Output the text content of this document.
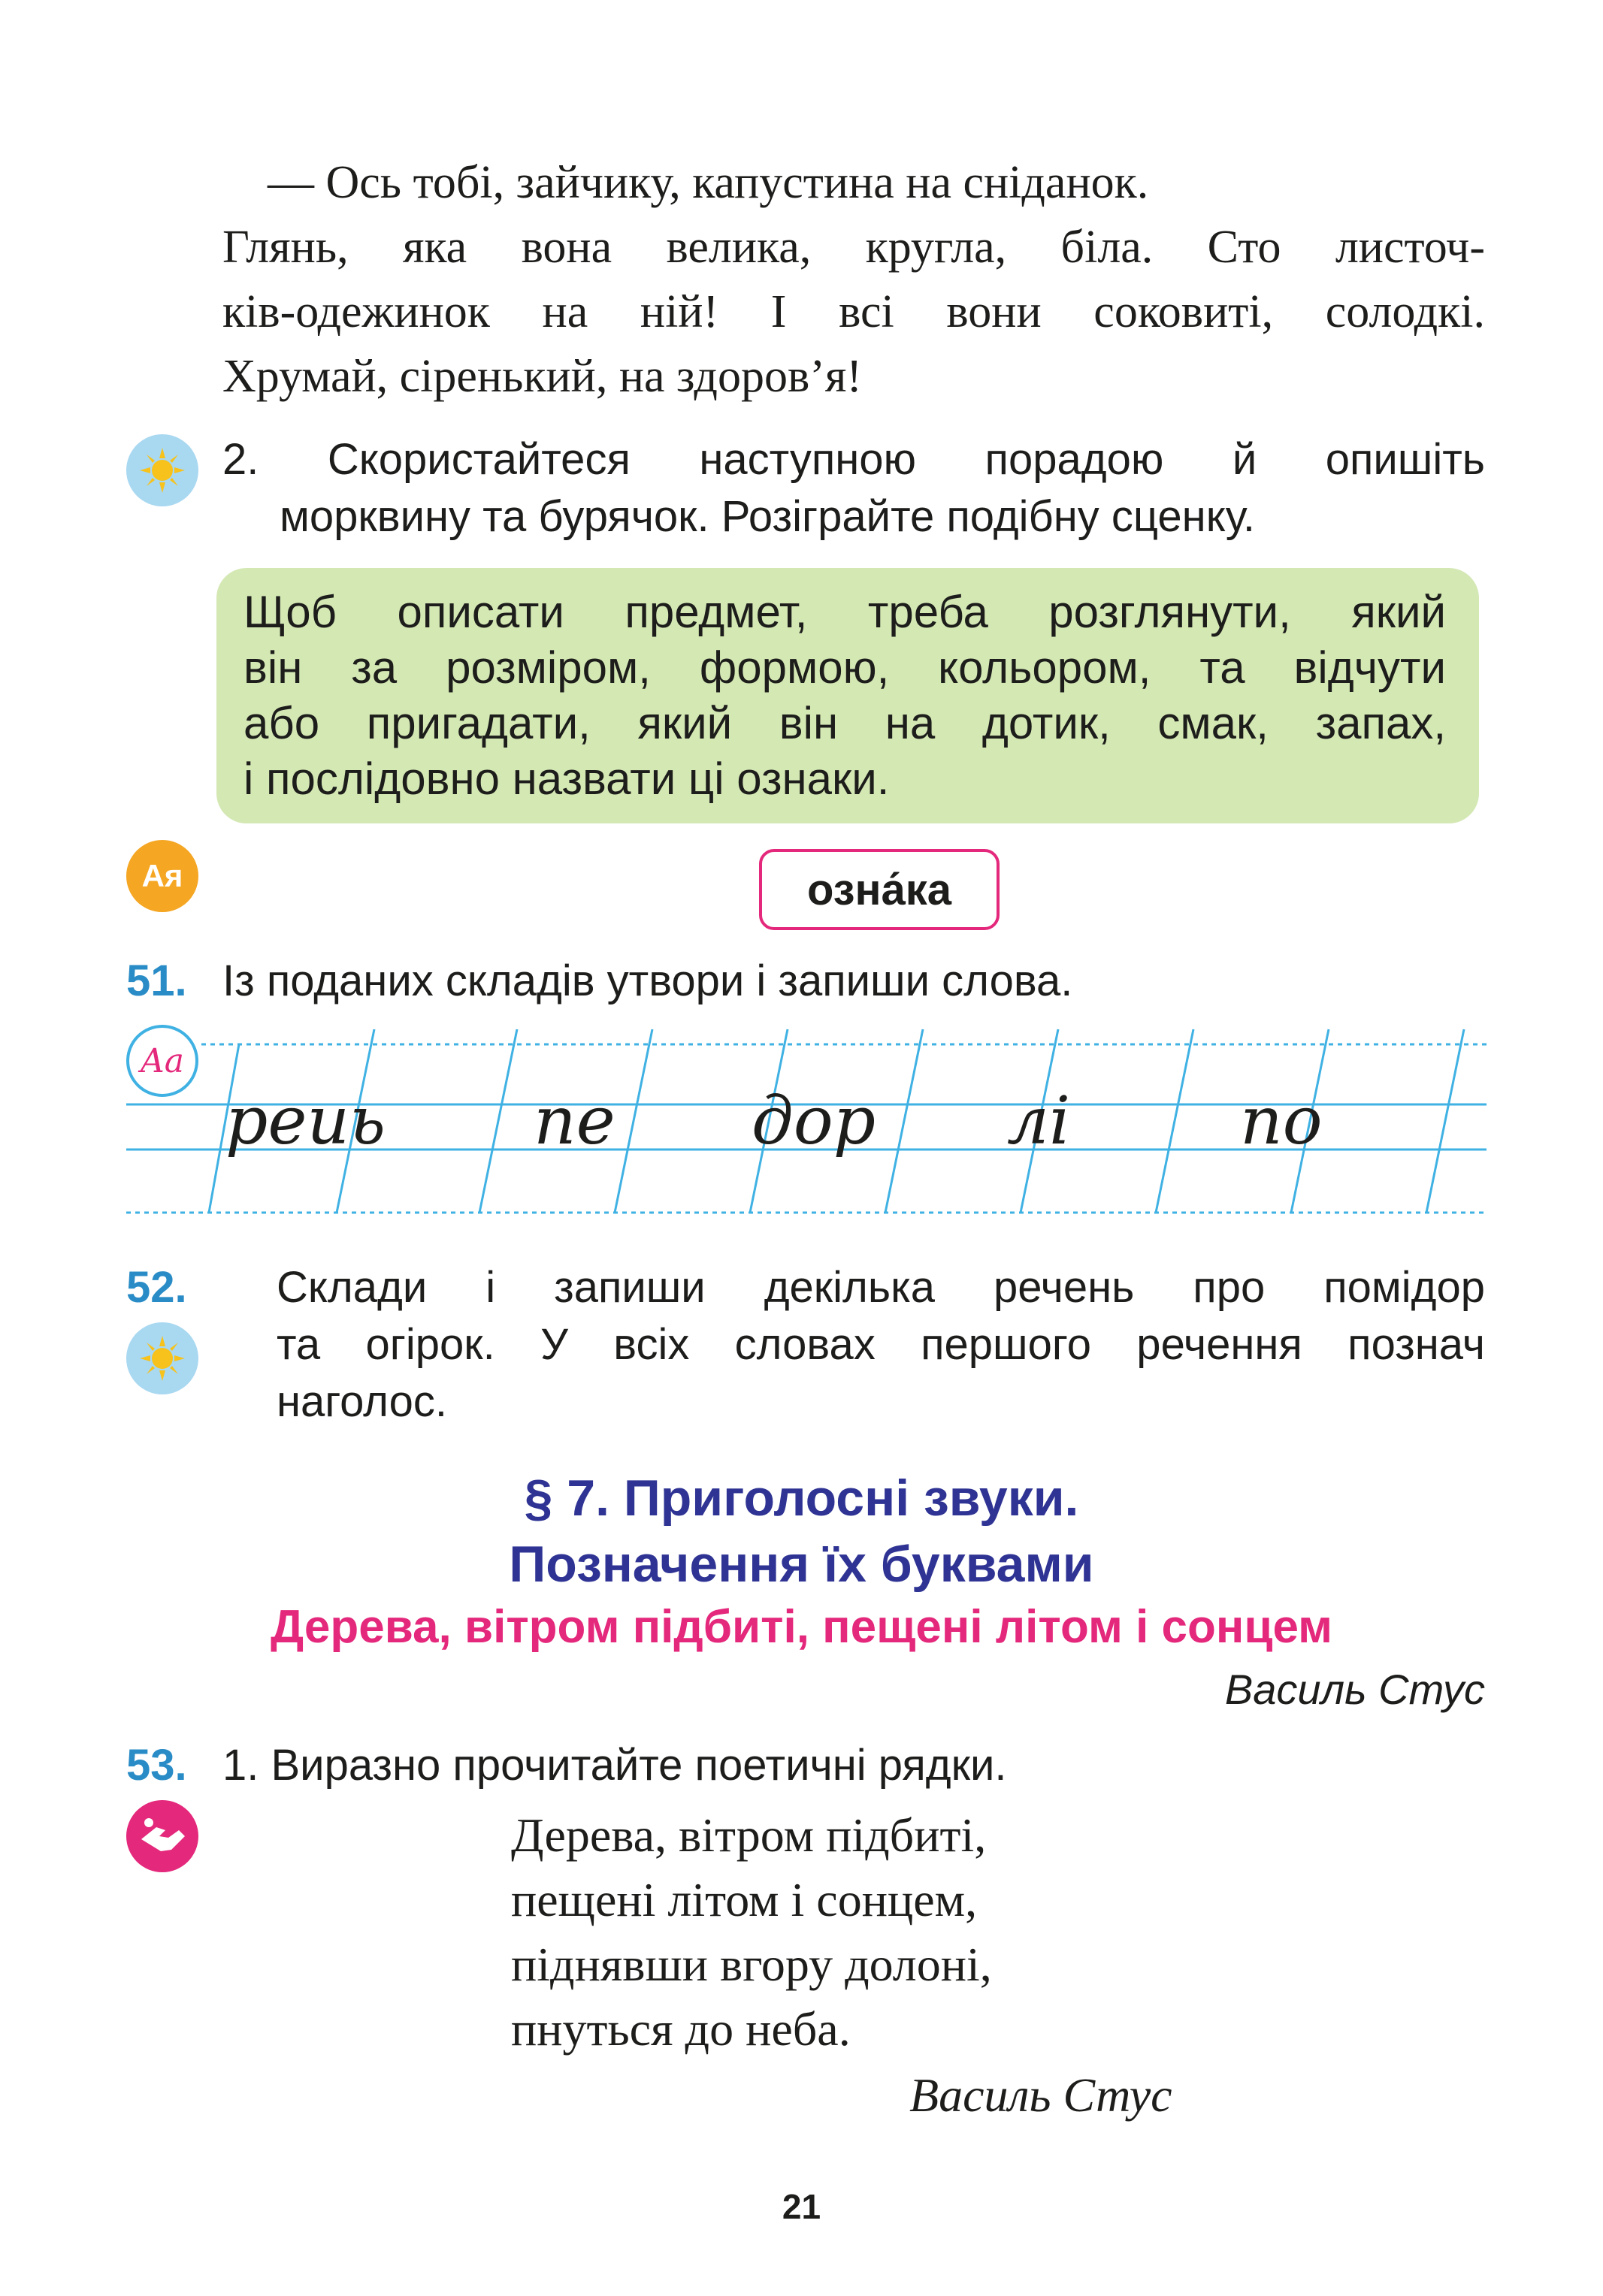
— Ось тобі, зайчику, капустина на сніданок.

Глянь, яка вона велика, кругла, біла. Сто листоч-

ків-одежинок на ній! І всі вони соковиті, солодкі.

Хрумай, сіренький, на здоров’я!

2. Скористайтеся наступною порадою й опишіть
морквину та бурячок. Розіграйте подібну сценку.
Щоб описати предмет, треба розглянути, який
він за розміром, формою, кольором, та відчути
або пригадати, який він на дотик, смак, запах,
і послідовно назвати ці ознаки.
Ая	озна́ка
51. Із поданих складів утвори і запиши слова.
Aa
реиь пе дор лі	по
52. Склади і запиши декілька речень про помідор
та огірок. У всіх словах першого речення познач
наголос.
§ 7. Приголосні звуки.
Позначення їх буквами
Дерева, вітром підбиті, пещені літом і сонцем
Василь Стус
53. 1. Виразно прочитайте поетичні рядки.
Дерева, вітром підбиті,
пещені літом і сонцем,
піднявши вгору долоні,
пнуться до неба.
Василь Стус
21
